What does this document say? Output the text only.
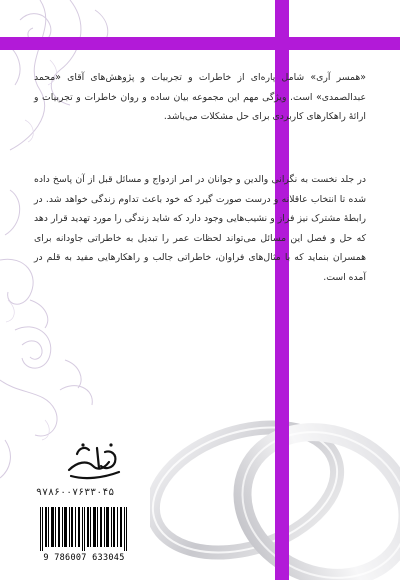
«همسر آری» شامل پاره‌ای از خاطرات و تجربیات و پژوهش‌های آقای «محمد عبدالصمدی» است. ویژگی مهم این مجموعه بیان ساده و روان خاطرات و تجربیات و ارائهٔ راهکارهای کاربردی برای حل مشکلات می‌باشد.

در جلد نخست به نگرانی والدین و جوانان در امر ازدواج و مسائل قبل از آن پاسخ داده شده تا انتخاب عاقلانه و درست صورت گیرد که خود باعث تداوم زندگی خواهد شد. در رابطهٔ مشترک نیز فراز و نشیب‌هایی وجود دارد که شاید زندگی را مورد تهدید قرار دهد که حل و فصل این مسائل می‌تواند لحظات عمر را تبدیل به خاطراتی جاودانه برای همسران بنماید که با مثال‌های فراوان، خاطراتی جالب و راهکارهایی مفید به قلم در آمده است.

۹۷۸۶۰۰۷۶۳۳۰۴۵
9 786007 633045
